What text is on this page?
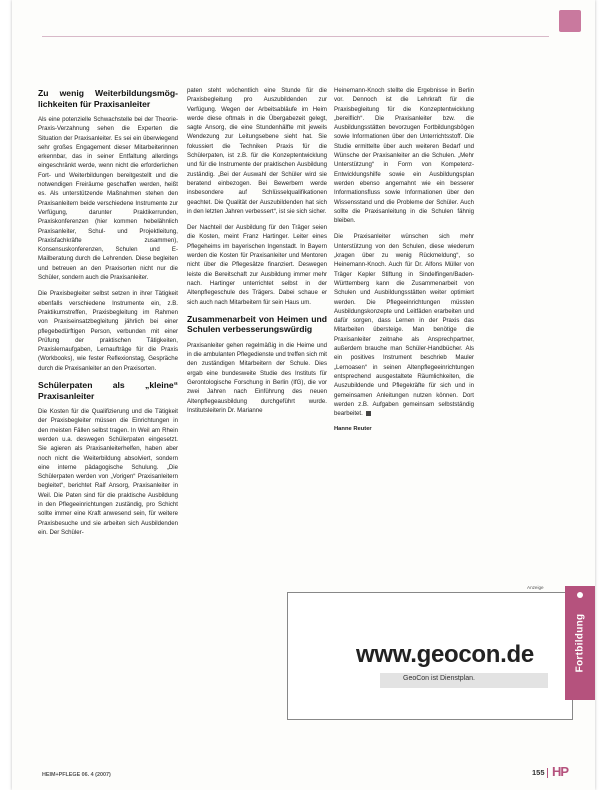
Zu wenig Weiterbildungsmöglichkeiten für Praxisanleiter

Als eine potenzielle Schwachstelle bei der Theorie-Praxis-Verzahnung sehen die Experten die Situation der Praxisanleiter. Es sei ein überwiegend sehr großes Engagement dieser Mitarbeiterinnen erkennbar, das in seiner Entfaltung allerdings eingeschränkt werde, wenn nicht die erforderlichen Fort- und Weiterbildungen bereitgestellt und die notwendigen Freiräume geschaffen werden, heißt es. Als unterstützende Maßnahmen stehen den Praxisanleitern beide verschiedene Instrumente zur Verfügung, darunter Praktikerrunden, Praxiskonferenzen (hier kommen hebelähnlich Praxisanleiter, Schul- und Projektleitung, Praxisfachkräfte zusammen), Konsensuskonferenzen, Schulen und E-Mailberatung durch die Lehrenden. Diese begleiten und betreuen an den Praxisorten nicht nur die Schüler, sondern auch die Praxisanleiter.

Die Praxisbegleiter selbst setzen in ihrer Tätigkeit ebenfalls verschiedene Instrumente ein, z.B. Praktikumstreffen, Praxisbegleitung im Rahmen von Praxiseinsatzbegleitung jährlich bei einer pflegebedürftigen Person, verbunden mit einer Prüfung der praktischen Tätigkeiten, Praxislernaufgaben, Lernaufträge für die Praxis (Workbooks), wie fester Reflexionstag, Gespräche durch die Praxisanleiter an den Praxisorten.

Schülerpaten als „kleine“ Praxisanleiter

Die Kosten für die Qualifizierung und die Tätigkeit der Praxisbegleiter müssen die Einrichtungen in den meisten Fällen selbst tragen. In Weil am Rhein werden u.a. deswegen Schülerpaten eingesetzt. Sie agieren als Praxisanleiterhelfen, haben aber noch nicht die Weiterbildung absolviert, sondern eine interne pädagogische Schulung. „Die Schülerpaten werden von „Vorigen“ Praxisanleitern begleitet“, berichtet Ralf Ansorg, Praxisanleiter in Weil. Die Paten sind für die praktische Ausbildung in den Pflegeeinrichtungen zuständig, pro Schicht sollte immer eine Kraft anwesend sein, für weitere Praxisbesuche und sie arbeiten sich Ausbildenden ein. Der Schüler-

paten steht wöchentlich eine Stunde für die Praxisbegleitung pro Auszubildenden zur Verfügung. Wegen der Arbeitsabläufe im Heim werde diese oftmals in die Übergabezeit gelegt, sagte Ansorg, die eine Stundenhälfte mit jeweils Wendezung zur Leitungsebene sieht hat. Sie fokussiert die Techniken Praxis für die Schülerpaten, ist z.B. für die Konzeptentwicklung und für die Instrumente der praktischen Ausbildung zuständig. „Bei der Auswahl der Schüler wird sie beratend einbezogen. Bei Bewerbern werde insbesondere auf Schlüsselqualifikationen geachtet. Die Qualität der Auszubildenden hat sich in den letzten Jahren verbessert“, ist sie sich sicher.

Der Nachteil der Ausbildung für den Träger seien die Kosten, meint Franz Hartinger. Leiter eines Pflegeheims im bayerischen Ingenstadt. In Bayern werden die Kosten für Praxisanleiter und Mentoren nicht über die Pflegesätze finanziert. Deswegen leiste die Bereitschaft zur Ausbildung immer mehr nach. Hartinger unterrichtet selbst in der Altenpflegeschule des Trägers. Dabei schaue er sich auch nach Mitarbeitern für sein Haus um.

Zusammenarbeit von Heimen und Schulen verbesserungswürdig

Praxisanleiter gehen regelmäßig in die Heime und in die ambulanten Pflegedienste und treffen sich mit den zuständigen Mitarbeitern der Schule. Dies ergab eine bundesweite Studie des Instituts für Gerontologische Forschung in Berlin (IfG), die vor zwei Jahren nach Einführung des neuen Altenpflegeausbildung durchgeführt wurde. Institutsleiterin Dr. Marianne

Heinemann-Knoch stellte die Ergebnisse in Berlin vor. Dennoch ist die Lehrkraft für die Praxisbegleitung für die Konzeptentwicklung „bereiflich“. Die Praxisanleiter bzw. die Ausbildungsstätten bevorzugen Fortbildungsbögen sowie Informationen über den Unterrichtsstoff. Die Studie ermittelte über auch weiteren Bedarf und Wünsche der Praxisanleiter an die Schulen. „Mehr Unterstützung“ in Form von Kompetenz-Entwicklungshilfe sowie ein Ausbildungsplan werden ebenso angemahnt wie ein besserer Informationsfluss sowie Informationen über den Wissensstand und die Probleme der Schüler. Auch sollte die Praxisanleitung in die Schulen fähnig bleiben.

Die Praxisanleiter wünschen sich mehr Unterstützung von den Schulen, diese wiederum „kragen über zu wenig Rückmeldung“, so Heinemann-Knoch. Auch für Dr. Alfons Müller von Träger Kepler Stiftung in Sindelfingen/Baden-Württemberg kann die Zusammenarbeit von Schulen und Ausbildungsstätten weiter optimiert werden. Die Pflegeeinrichtungen müssten Ausbildungskonzepte und Leitfäden erarbeiten und dafür sorgen, dass Lernen in der Praxis das Mitarbeiten übersteige. Man benötige die Praxisanleiter zeitnahe als Ansprechpartner, außerdem brauche man Schüler-Handbücher. Als ein positives Instrument beschrieb Mauler „Lernoasen“ in seinen Altenpflegeeinrichtungen entsprechend ausgestaltete Räumlichkeiten, die Auszubildende und Pflegekräfte für sich und in gemeinsamen Anleitungen nutzen können. Dort werden z.B. Aufgaben gemeinsam selbstständig bearbeitet.

Hanne Reuter
Anzeige
www.geocon.de
GeoCon ist Dienstplan.
Fortbildung
HEIM+PFLEGE 06. 4 (2007)	155 HP
